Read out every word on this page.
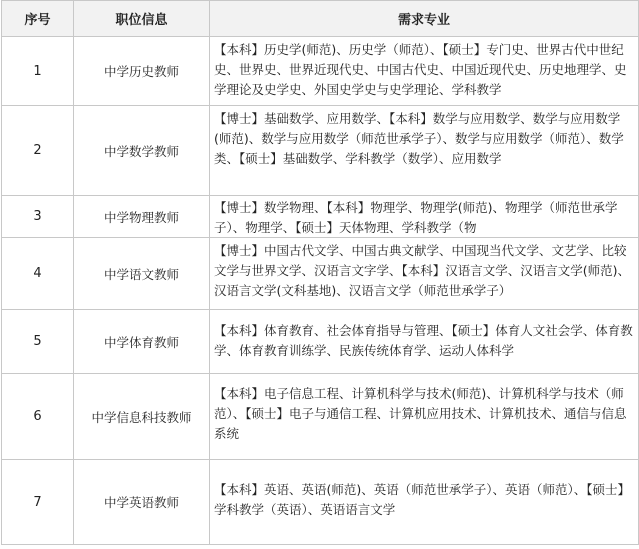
序号	职位信息	需求专业
1	中学历史教师	【本科】历史学(师范)、历史学（师范）、【硕士】专门史、世界古代中世纪史、世界史、世界近现代史、中国古代史、中国近现代史、历史地理学、史学理论及史学史、外国史学史与史学理论、学科教学

2	中学数学教师	【博士】基础数学、应用数学、【本科】数学与应用数学、数学与应用数学(师范)、数学与应用数学（师范世承学子）、数学与应用数学（师范）、数学类、【硕士】基础数学、学科教学（数学）、应用数学

3	中学物理教师	【博士】数学物理、【本科】物理学、物理学(师范)、物理学（师范世承学子）、物理学、【硕士】天体物理、学科教学（物

4	中学语文教师	【博士】中国古代文学、中国古典文献学、中国现当代文学、文艺学、比较文学与世界文学、汉语言文字学、【本科】汉语言文学、汉语言文学(师范)、汉语言文学(文科基地)、汉语言文学（师范世承学子）

5	中学体育教师	【本科】体育教育、社会体育指导与管理、【硕士】体育人文社会学、体育教学、体育教育训练学、民族传统体育学、运动人体科学

6	中学信息科技教师	【本科】电子信息工程、计算机科学与技术(师范)、计算机科学与技术（师范）、【硕士】电子与通信工程、计算机应用技术、计算机技术、通信与信息系统

7	中学英语教师	【本科】英语、英语(师范)、英语（师范世承学子）、英语（师范）、【硕士】学科教学（英语）、英语语言文学
